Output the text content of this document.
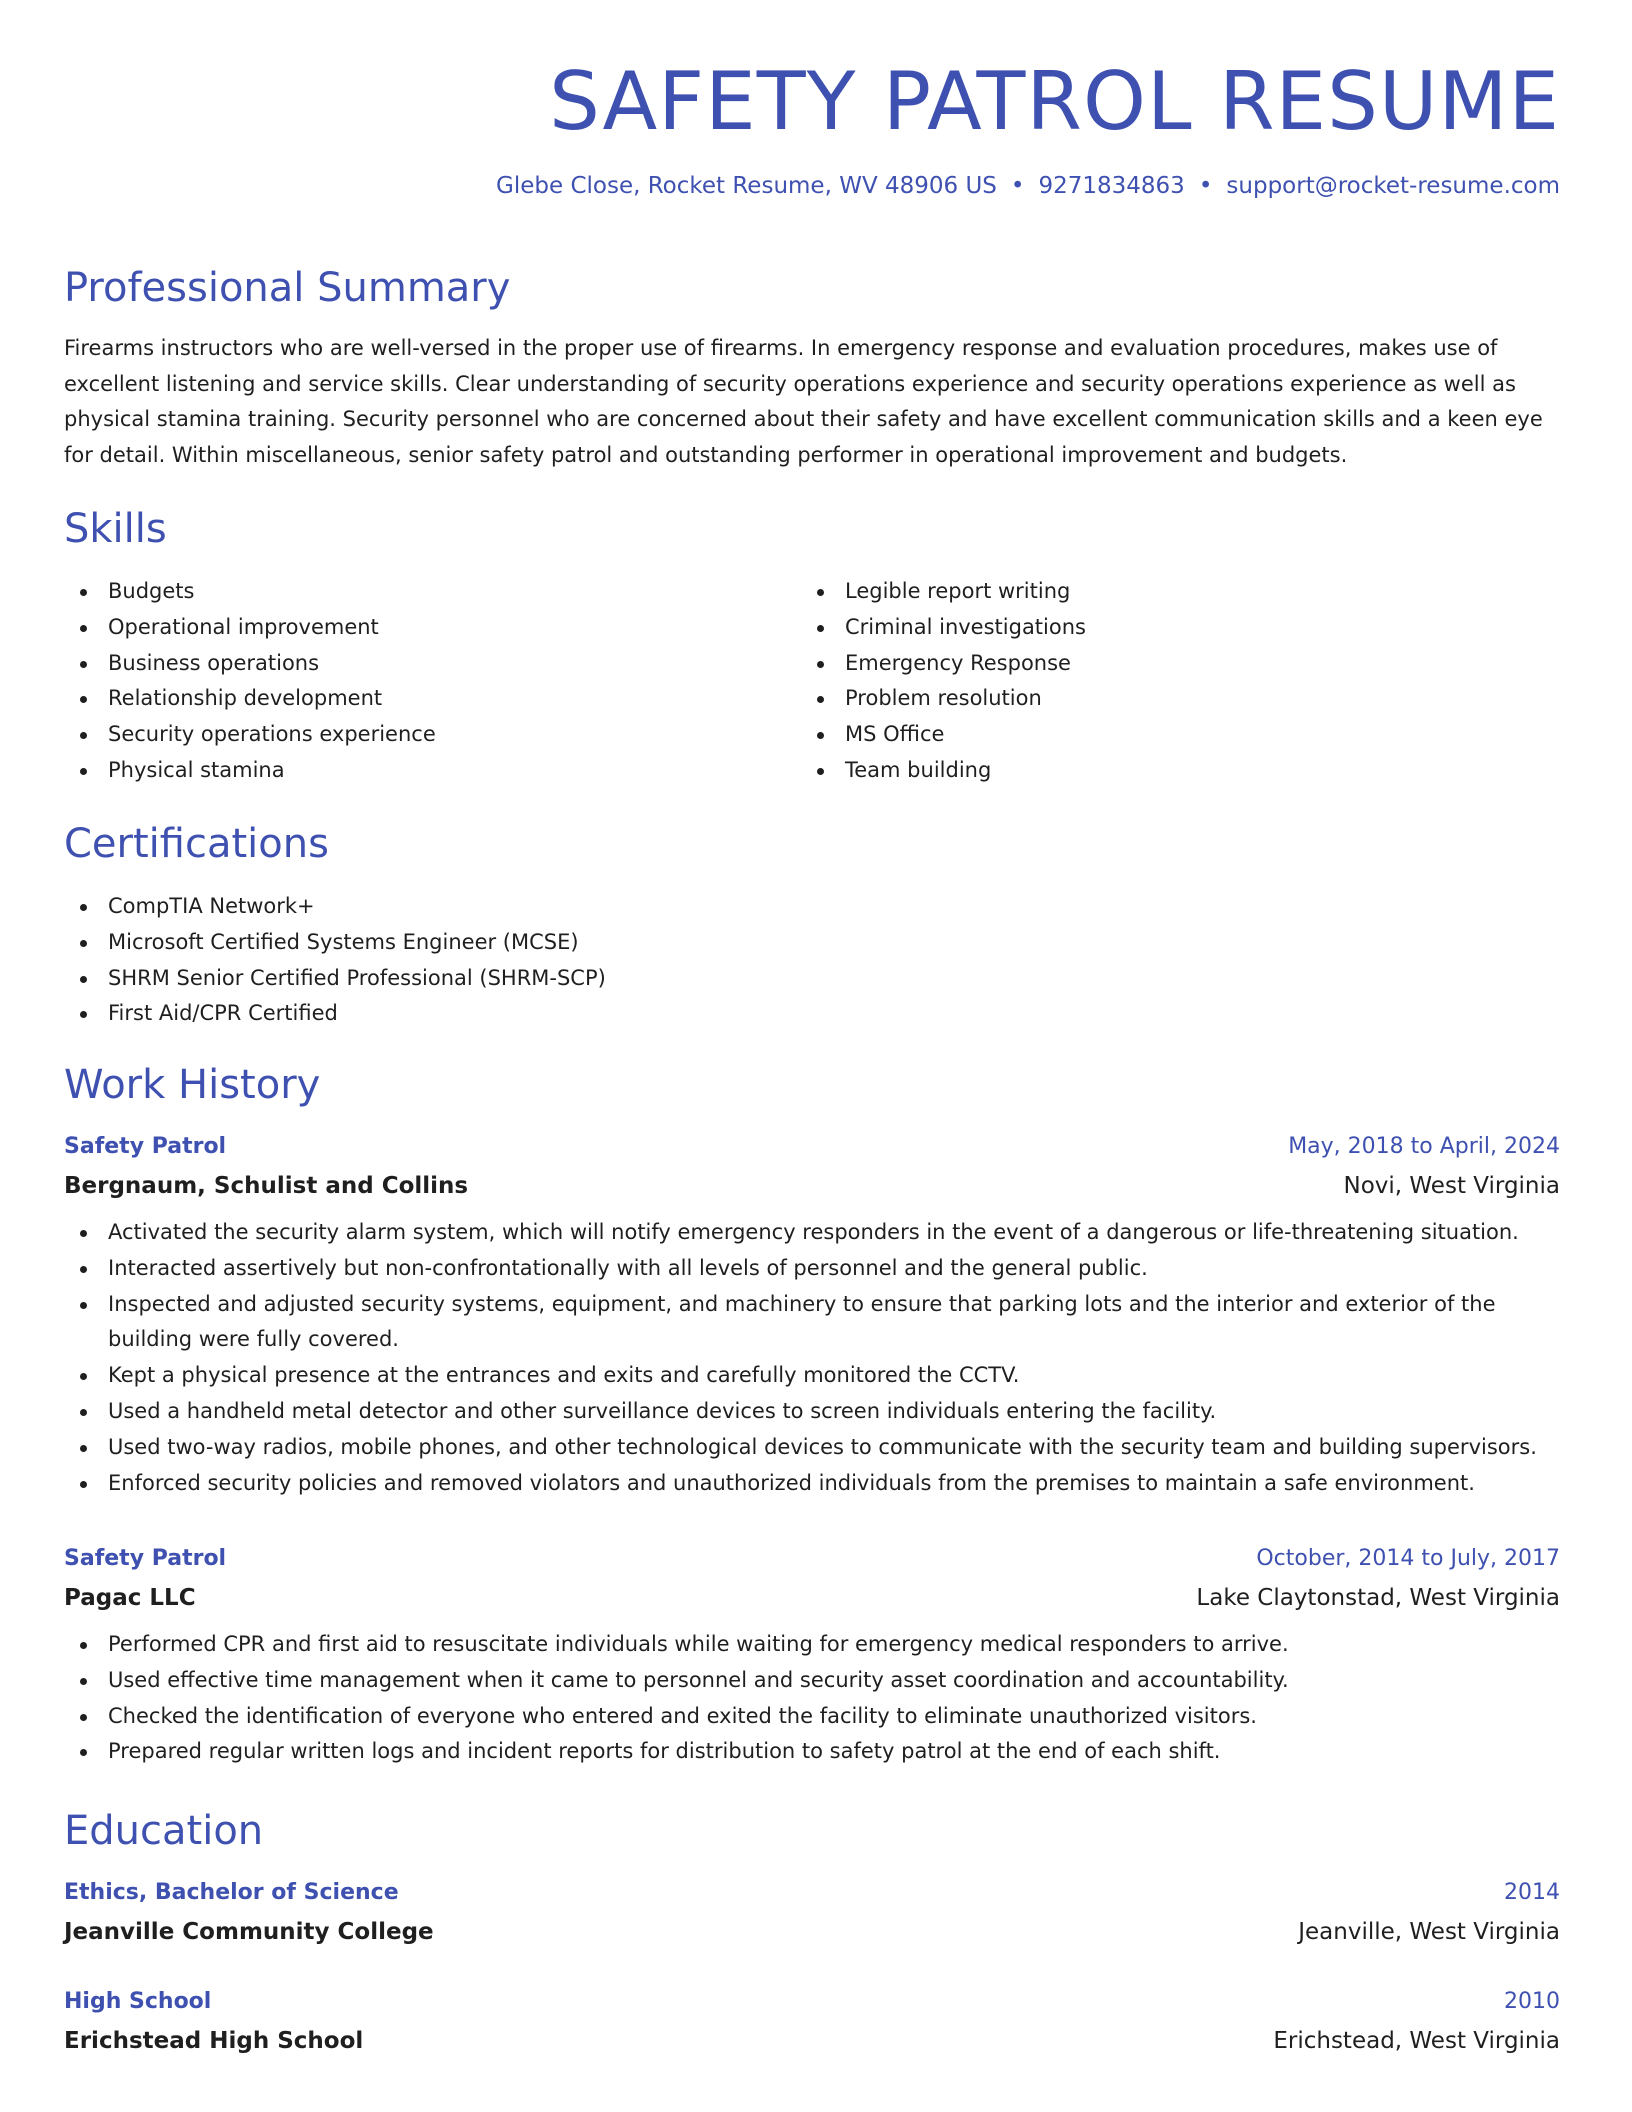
SAFETY PATROL RESUME
Glebe Close, Rocket Resume, WV 48906 US • 9271834863 • support@rocket-resume.com
Professional Summary
Firearms instructors who are well-versed in the proper use of firearms. In emergency response and evaluation procedures, makes use of excellent listening and service skills. Clear understanding of security operations experience and security operations experience as well as physical stamina training. Security personnel who are concerned about their safety and have excellent communication skills and a keen eye for detail. Within miscellaneous, senior safety patrol and outstanding performer in operational improvement and budgets.
Skills
Budgets
Operational improvement
Business operations
Relationship development
Security operations experience
Physical stamina
Legible report writing
Criminal investigations
Emergency Response
Problem resolution
MS Office
Team building
Certifications
CompTIA Network+
Microsoft Certified Systems Engineer (MCSE)
SHRM Senior Certified Professional (SHRM-SCP)
First Aid/CPR Certified
Work History
Safety Patrol	May, 2018 to April, 2024
Bergnaum, Schulist and Collins	Novi, West Virginia
Activated the security alarm system, which will notify emergency responders in the event of a dangerous or life-threatening situation.
Interacted assertively but non-confrontationally with all levels of personnel and the general public.
Inspected and adjusted security systems, equipment, and machinery to ensure that parking lots and the interior and exterior of the building were fully covered.
Kept a physical presence at the entrances and exits and carefully monitored the CCTV.
Used a handheld metal detector and other surveillance devices to screen individuals entering the facility.
Used two-way radios, mobile phones, and other technological devices to communicate with the security team and building supervisors.
Enforced security policies and removed violators and unauthorized individuals from the premises to maintain a safe environment.
Safety Patrol	October, 2014 to July, 2017
Pagac LLC	Lake Claytonstad, West Virginia
Performed CPR and first aid to resuscitate individuals while waiting for emergency medical responders to arrive.
Used effective time management when it came to personnel and security asset coordination and accountability.
Checked the identification of everyone who entered and exited the facility to eliminate unauthorized visitors.
Prepared regular written logs and incident reports for distribution to safety patrol at the end of each shift.
Education
Ethics, Bachelor of Science	2014
Jeanville Community College	Jeanville, West Virginia
High School	2010
Erichstead High School	Erichstead, West Virginia
